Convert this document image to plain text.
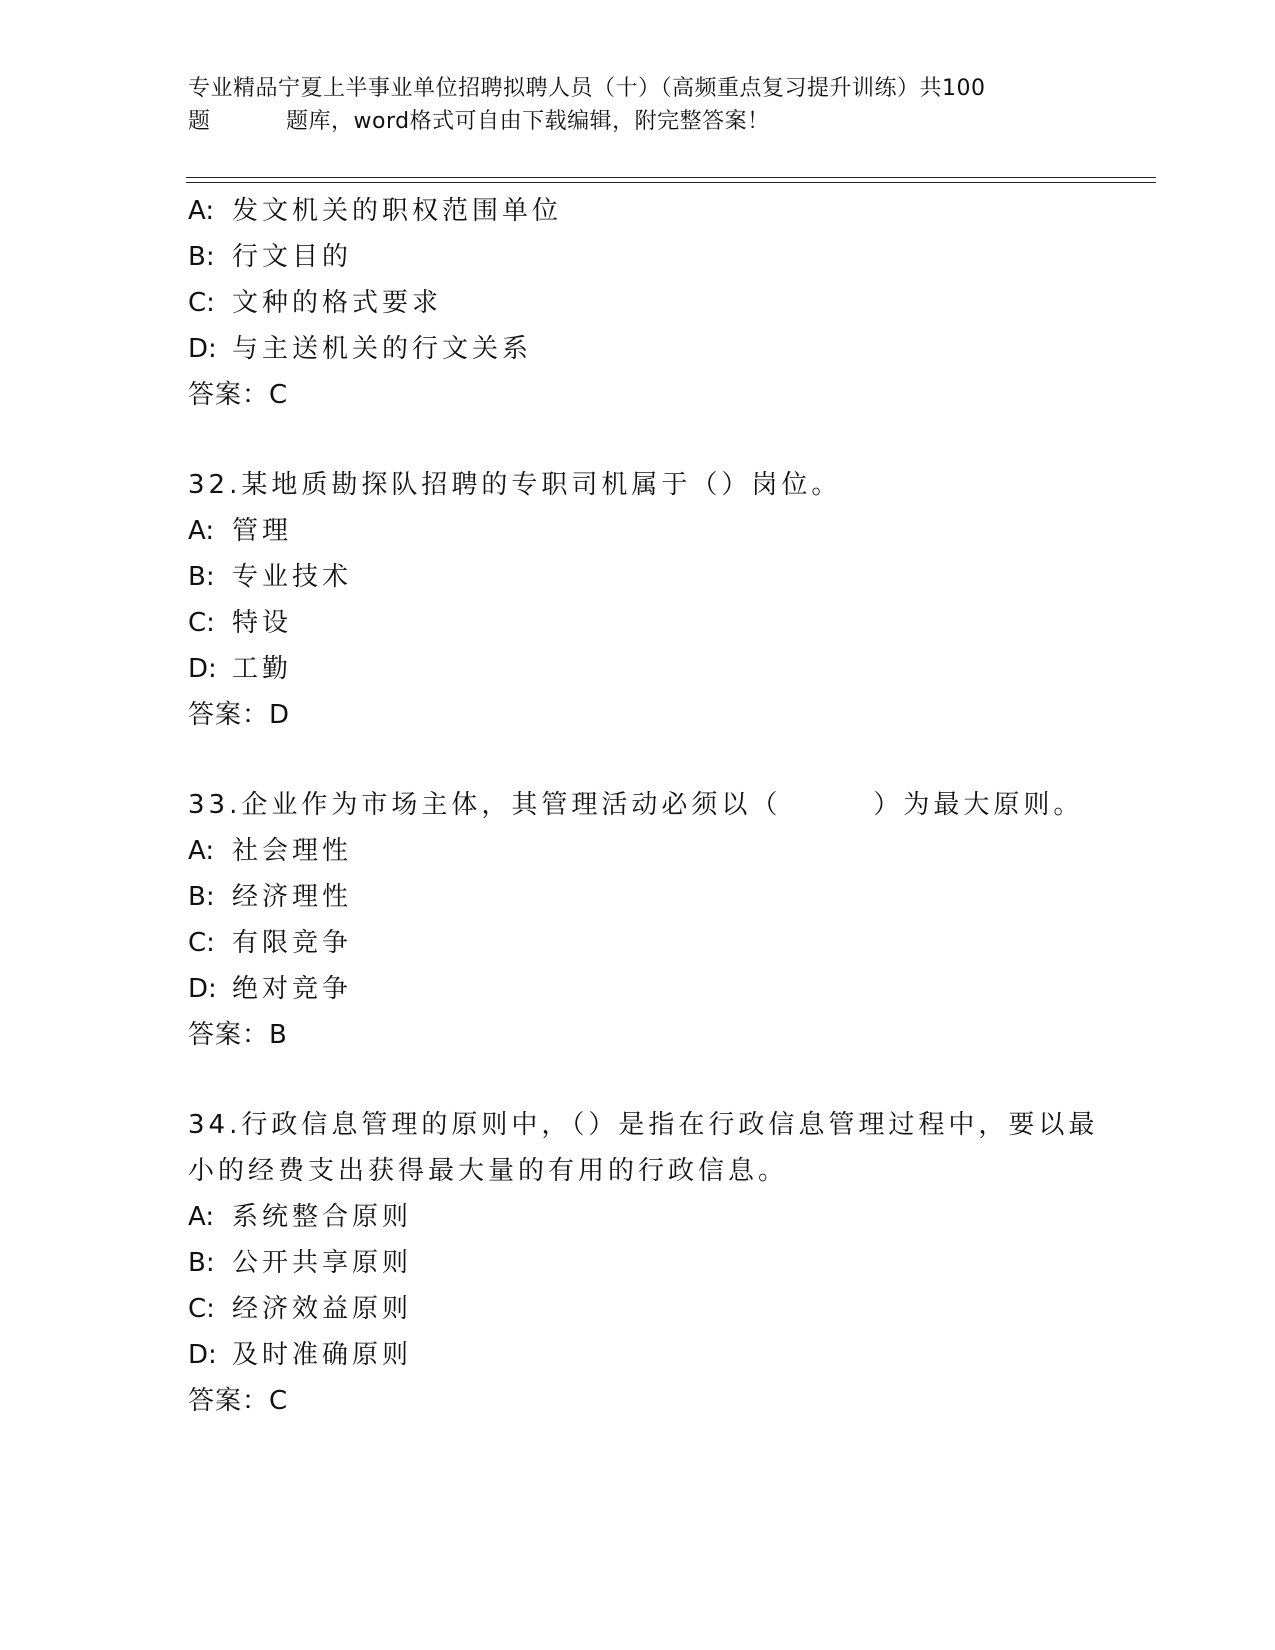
专业精品宁夏上半事业单位招聘拟聘人员（十）（高频重点复习提升训练）共100
题	题库，word格式可自由下载编辑，附完整答案！
A: 发文机关的职权范围单位
B: 行文目的
C: 文种的格式要求
D: 与主送机关的行文关系
答案：C
32.某地质勘探队招聘的专职司机属于（）岗位。
A: 管理
B: 专业技术
C: 特设
D: 工勤
答案：D
33.企业作为市场主体，其管理活动必须以（	）为最大原则。
A: 社会理性
B: 经济理性
C: 有限竞争
D: 绝对竞争
答案：B
34.行政信息管理的原则中，（）是指在行政信息管理过程中，要以最
小的经费支出获得最大量的有用的行政信息。
A: 系统整合原则
B: 公开共享原则
C: 经济效益原则
D: 及时准确原则
答案：C
